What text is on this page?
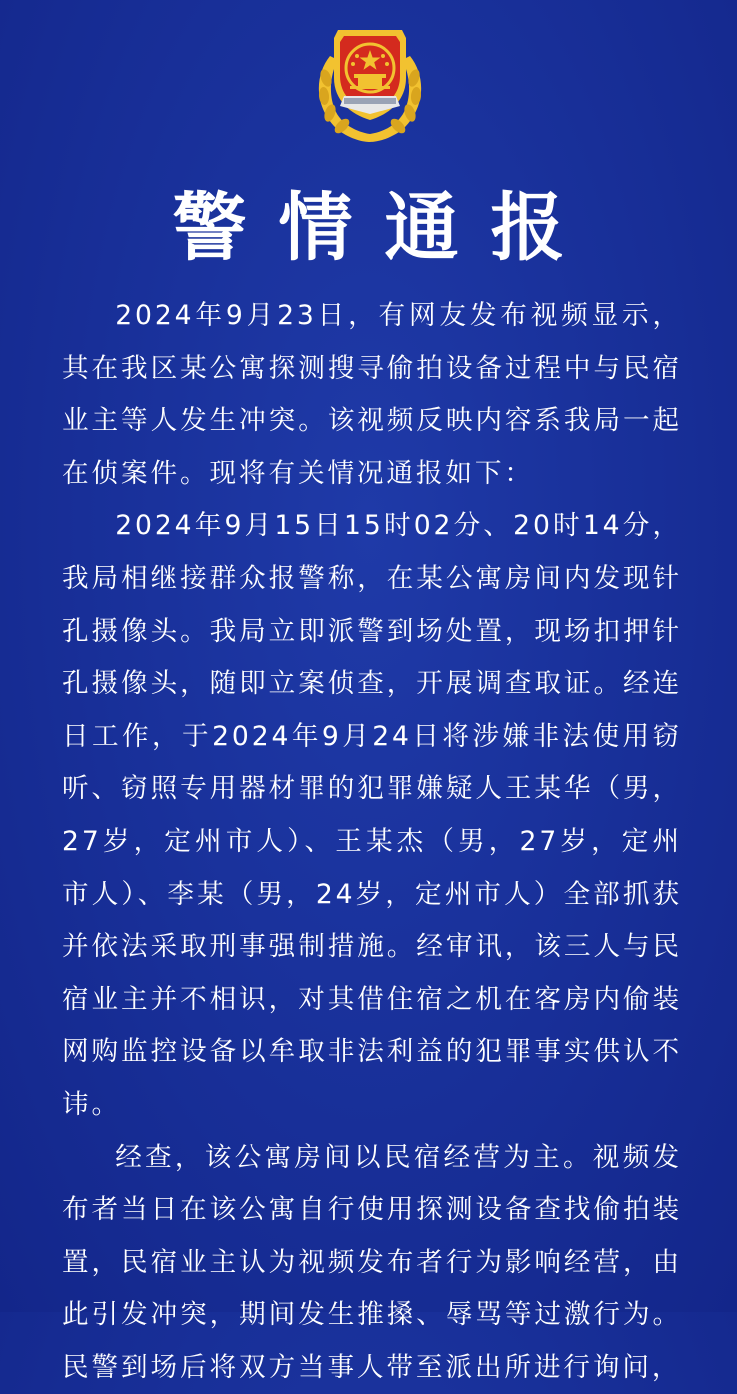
警情通报

2024年9月23日，有网友发布视频显示，其在我区某公寓探测搜寻偷拍设备过程中与民宿业主等人发生冲突。该视频反映内容系我局一起在侦案件。现将有关情况通报如下：

2024年9月15日15时02分、20时14分，我局相继接群众报警称，在某公寓房间内发现针孔摄像头。我局立即派警到场处置，现场扣押针孔摄像头，随即立案侦查，开展调查取证。经连日工作，于2024年9月24日将涉嫌非法使用窃听、窃照专用器材罪的犯罪嫌疑人王某华（男，27岁，定州市人）、王某杰（男，27岁，定州市人）、李某（男，24岁，定州市人）全部抓获并依法采取刑事强制措施。经审讯，该三人与民宿业主并不相识，对其借住宿之机在客房内偷装网购监控设备以牟取非法利益的犯罪事实供认不讳。

经查，该公寓房间以民宿经营为主。视频发布者当日在该公寓自行使用探测设备查找偷拍装置，民宿业主认为视频发布者行为影响经营，由此引发冲突，期间发生推搡、辱骂等过激行为。民警到场后将双方当事人带至派出所进行询问，
